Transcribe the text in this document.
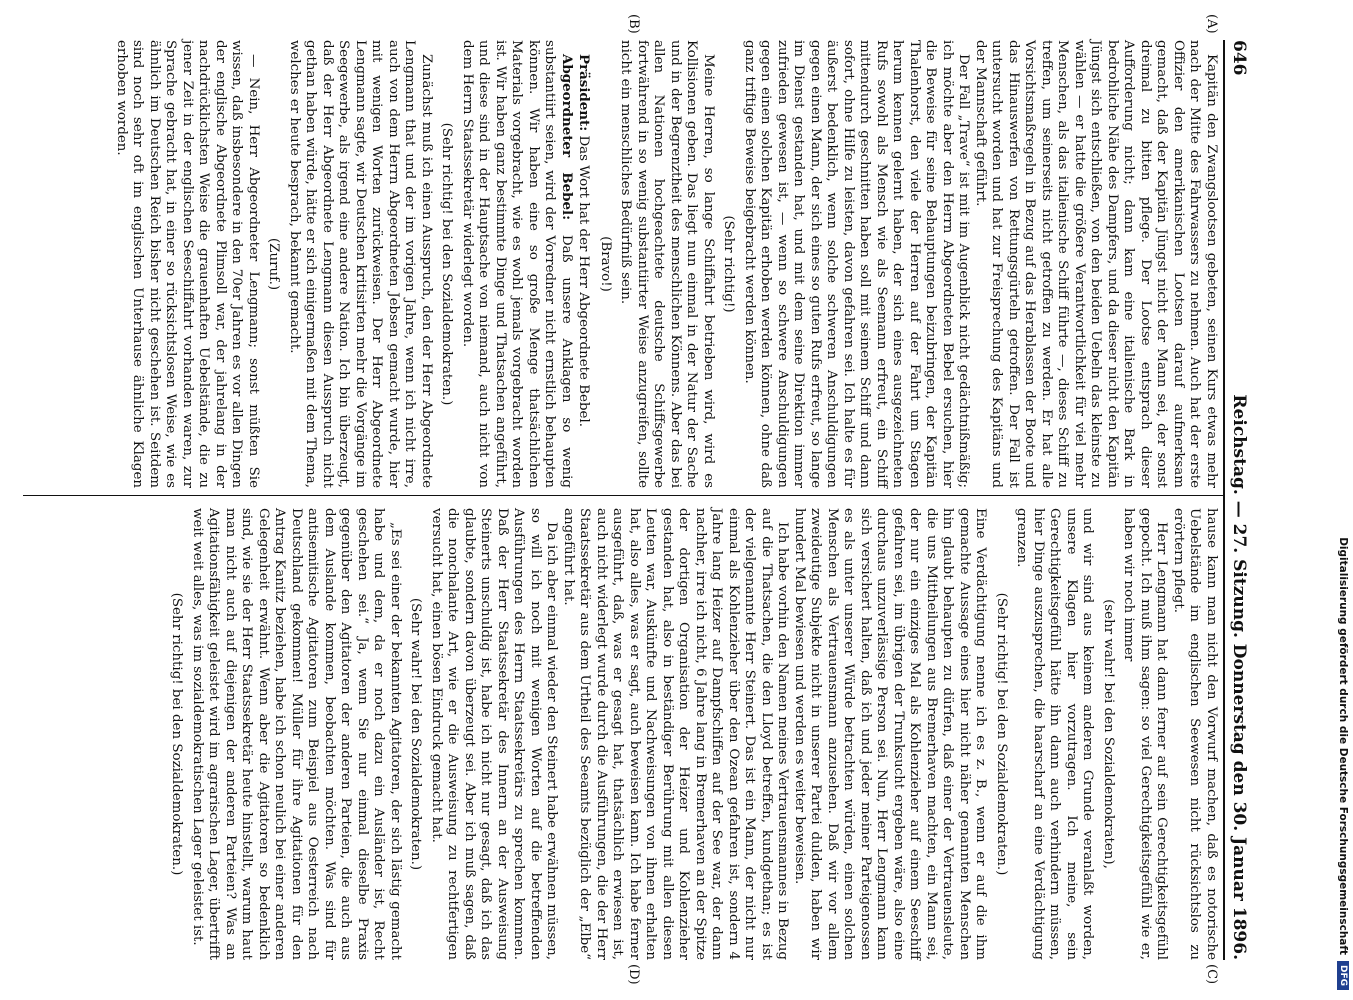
646
Reichstag. — 27. Sitzung. Donnerstag den 30. Januar 1896.
(A)
(B)
(C)
(D)

Kapitän den Zwangslootsen gebeten, seinen Kurs etwas mehr nach der Mitte des Fahrwassers zu nehmen. Auch hat der erste Offizier den amerikanischen Lootsen darauf aufmerksam gemacht, daß der Kapitän Jüngst nicht der Mann sei, der sonst dreimal zu bitten pflege. Der Lootse entsprach dieser Aufforderung nicht; dann kam eine italienische Bark in bedrohliche Nähe des Dampfers, und da dieser nicht den Kapitän Jüngst sich entschließen, von den beiden Uebeln das kleinste zu wählen — er hatte die größere Verantwortlichkeit für viel mehr Menschen, als das italienische Schiff führte —, dieses Schiff zu treffen, um seinerseits nicht getroffen zu werden. Er hat alle Vorsichtsmaßregeln in Bezug auf das Herablassen der Boote und das Hinauswerfen von Rettungsgürteln getroffen. Der Fall ist untersucht worden und hat zur Freisprechung des Kapitäns und der Mannschaft geführt.

Der Fall „Trave“ ist mit im Augenblick nicht gedächtnißmäßig; ich möchte aber den Herrn Abgeordneten Bebel ersuchen, hier die Beweise für seine Behauptungen beizubringen, der Kapitän Thalenhorst, den viele der Herren auf der Fahrt um Stagen herum kennen gelernt haben, der sich eines ausgezeichneten Rufs sowohl als Mensch wie als Seemann erfreut, ein Schiff mittendurch geschnitten haben soll mit seinem Schiff und dann sofort, ohne Hilfe zu leisten, davon gefahren sei. Ich halte es für äußerst bedenklich, wenn solche schweren Anschuldigungen gegen einen Mann, der sich eines so guten Rufs erfreut, so lange im Dienst gestanden hat, und mit dem seine Direktion immer zufrieden gewesen ist, — wenn so schwere Anschuldigungen gegen einen solchen Kapitän erhoben werden können, ohne daß ganz triftige Beweise beigebracht werden können.

(Sehr richtig!)

Meine Herren, so lange Schiffahrt betrieben wird, wird es Kollisionen geben. Das liegt nun einmal in der Natur der Sache und in der Begrenztheit des menschlichen Könnens. Aber das bei allen Nationen hochgeachtete deutsche Schiffsgewerbe fortwährend in so wenig substantiirter Weise anzugreifen, sollte nicht ein menschliches Bedürfniß sein.

(Bravo!)

Präsident: Das Wort hat der Herr Abgeordnete Bebel.

Abgeordneter Bebel: Daß unsere Anklagen so wenig substantiirt seien, wird der Vorredner nicht ernstlich behaupten können. Wir haben eine so große Menge thatsächlichen Materials vorgebracht, wie es wohl jemals vorgebracht worden ist. Wir haben ganz bestimmte Dinge und Thatsachen angeführt, und diese sind in der Hauptsache von niemand, auch nicht von dem Herrn Staatssekretär widerlegt worden.

(Sehr richtig! bei den Sozialdemokraten.)

Zunächst muß ich einen Ausspruch, den der Herr Abgeordnete Lengmann that und der im vorigen Jahre, wenn ich nicht irre, auch von dem Herrn Abgeordneten Jebsen gemacht wurde, hier mit wenigen Worten zurückweisen. Der Herr Abgeordnete Lengmann sagte, wir Deutschen kritisirten mehr die Vorgänge im Seegewerbe, als irgend eine andere Nation. Ich bin überzeugt, daß der Herr Abgeordnete Lengmann diesen Ausspruch nicht gethan haben würde, hätte er sich einigermaßen mit dem Thema, welches er heute besprach, bekannt gemacht.

(Zuruf.)

— Nein, Herr Abgeordneter Lengmann; sonst müßten Sie wissen, daß insbesondere in den 70er Jahren es vor allen Dingen der englische Abgeordnete Plimsoll war, der jahrelang in der nachdrücklichsten Weise die grauenhaften Uebelstände, die zu jener Zeit in der englischen Seeschiffahrt vorhanden waren, zur Sprache gebracht hat, in einer so rücksichtslosen Weise, wie es ähnlich im Deutschen Reich bisher nicht geschehen ist. Seitdem sind noch sehr oft im englischen Unterhause ähnliche Klagen erhoben worden.

hause kann man nicht den Vorwurf machen, daß es notorische Uebelstände im englischen Seewesen nicht rücksichtslos zu erörtern pflegt.

Herr Lengmann hat dann ferner auf sein Gerechtigkeitsgefühl gepocht. Ich muß ihm sagen: so viel Gerechtigkeitsgefühl wie er, haben wir noch immer

(sehr wahr! bei den Sozialdemokraten),

und wir sind aus keinem anderen Grunde veranlaßt worden, unsere Klagen hier vorzutragen. Ich meine, sein Gerechtigkeitsgefühl hätte ihn dann auch verhindern müssen, hier Dinge auszusprechen, die haarscharf an eine Verdächtigung grenzen.

(Sehr richtig! bei den Sozialdemokraten.)

Eine Verdächtigung nenne ich es z. B., wenn er auf die ihm gemachte Aussage eines hier nicht näher genannten Menschen hin glaubt behaupten zu dürfen, daß einer der Vertrauensleute, die uns Mittheilungen aus Bremerhaven machten, ein Mann sei, der nur ein einziges Mal als Kohlenzieher auf einem Seeschiff gefahren sei, im übrigen der Trunksucht ergeben wäre, also eine durchaus unzuverlässige Person sei. Nun, Herr Lengmann kann sich versichert halten, daß ich und jeder meiner Parteigenossen es als unter unserer Würde betrachten würden, einen solchen Menschen als Vertrauensmann anzusehen. Daß wir vor allem zweideutige Subjekte nicht in unserer Partei dulden, haben wir hundert Mal bewiesen und werden es weiter beweisen.

Ich habe vorhin den Namen meines Vertrauensmannes in Bezug auf die Thatsachen, die den Lloyd betreffen, kundgethan; es ist der vielgenannte Herr Steinert. Das ist ein Mann, der nicht nur einmal als Kohlenzieher über den Ozean gefahren ist, sondern 4 Jahre lang Heizer auf Dampfschiffen auf der See war, der dann nachher, irre ich nicht, 6 Jahre lang in Bremerhaven an der Spitze der dortigen Organisation der Heizer und Kohlenzieher gestanden hat, also in beständiger Berührung mit allen diesen Leuten war, Auskünfte und Nachweisungen von ihnen erhalten hat, also alles, was er sagt, auch beweisen kann. Ich habe ferner ausgeführt, daß, was er gesagt hat, thatsächlich erwiesen ist, auch nicht widerlegt wurde durch die Ausführungen, die der Herr Staatssekretär aus dem Urtheil des Seeamts bezüglich der „Elbe“ angeführt hat.

Da ich aber einmal wieder den Steinert habe erwähnen müssen, so will ich noch mit wenigen Worten auf die betreffenden Ausführungen des Herrn Staatssekretärs zu sprechen kommen. Daß der Herr Staatssekretär des Innern an der Ausweisung Steinerts unschuldig ist, habe ich nicht nur gesagt, daß ich das glaubte, sondern davon überzeugt sei. Aber ich muß sagen, daß die nonchalante Art, wie er die Ausweisung zu rechtfertigen versucht hat, einen bösen Eindruck gemacht hat.

(Sehr wahr! bei den Sozialdemokraten.)

„Es sei einer der bekannten Agitatoren, der sich lästig gemacht habe und dem, da er noch dazu ein Ausländer ist, Recht geschehen sei.“ Ja, wenn Sie nur einmal dieselbe Praxis gegenüber den Agitatoren der anderen Parteien, die auch aus dem Auslande kommen, beobachten möchten. Was sind für antisemitische Agitatoren zum Beispiel aus Oesterreich nach Deutschland gekommen! Müller für ihre Agitationen für den Antrag Kanitz beziehen, habe ich schon neulich bei einer anderen Gelegenheit erwähnt. Wenn aber die Agitatoren so bedenklich sind, wie sie der Herr Staatssekretär heute hinstellt, warum haut man nicht auch auf diejenigen der anderen Parteien? Was an Agitationsfähigkeit geleistet wird im agrarischen Lager, übertrifft weit weit alles, was im sozialdemokratischen Lager geleistet ist.

(Sehr richtig! bei den Sozialdemokraten.)	Digitalisierung gefördert durch die Deutsche Forschungsgemeinschaft
DFG
